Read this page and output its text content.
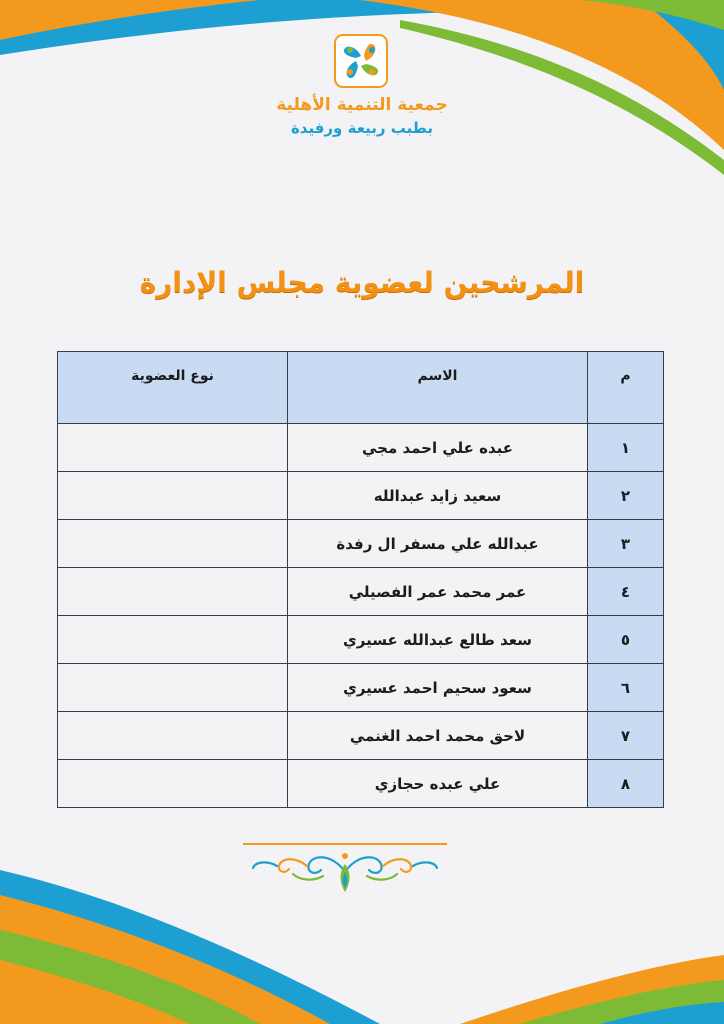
جمعية التنمية الأهلية
بطبب ربيعة ورفيدة
المرشحين لعضوية مجلس الإدارة
م	الاسم	نوع العضوية
١	عبده علي احمد مجي	
٢	سعيد زايد عبدالله	
٣	عبدالله علي مسفر ال رفدة	
٤	عمر محمد عمر الفصيلي	
٥	سعد طالع عبدالله عسيري	
٦	سعود سحيم احمد عسيري	
٧	لاحق محمد احمد الغنمي	
٨	علي عبده حجازي	
